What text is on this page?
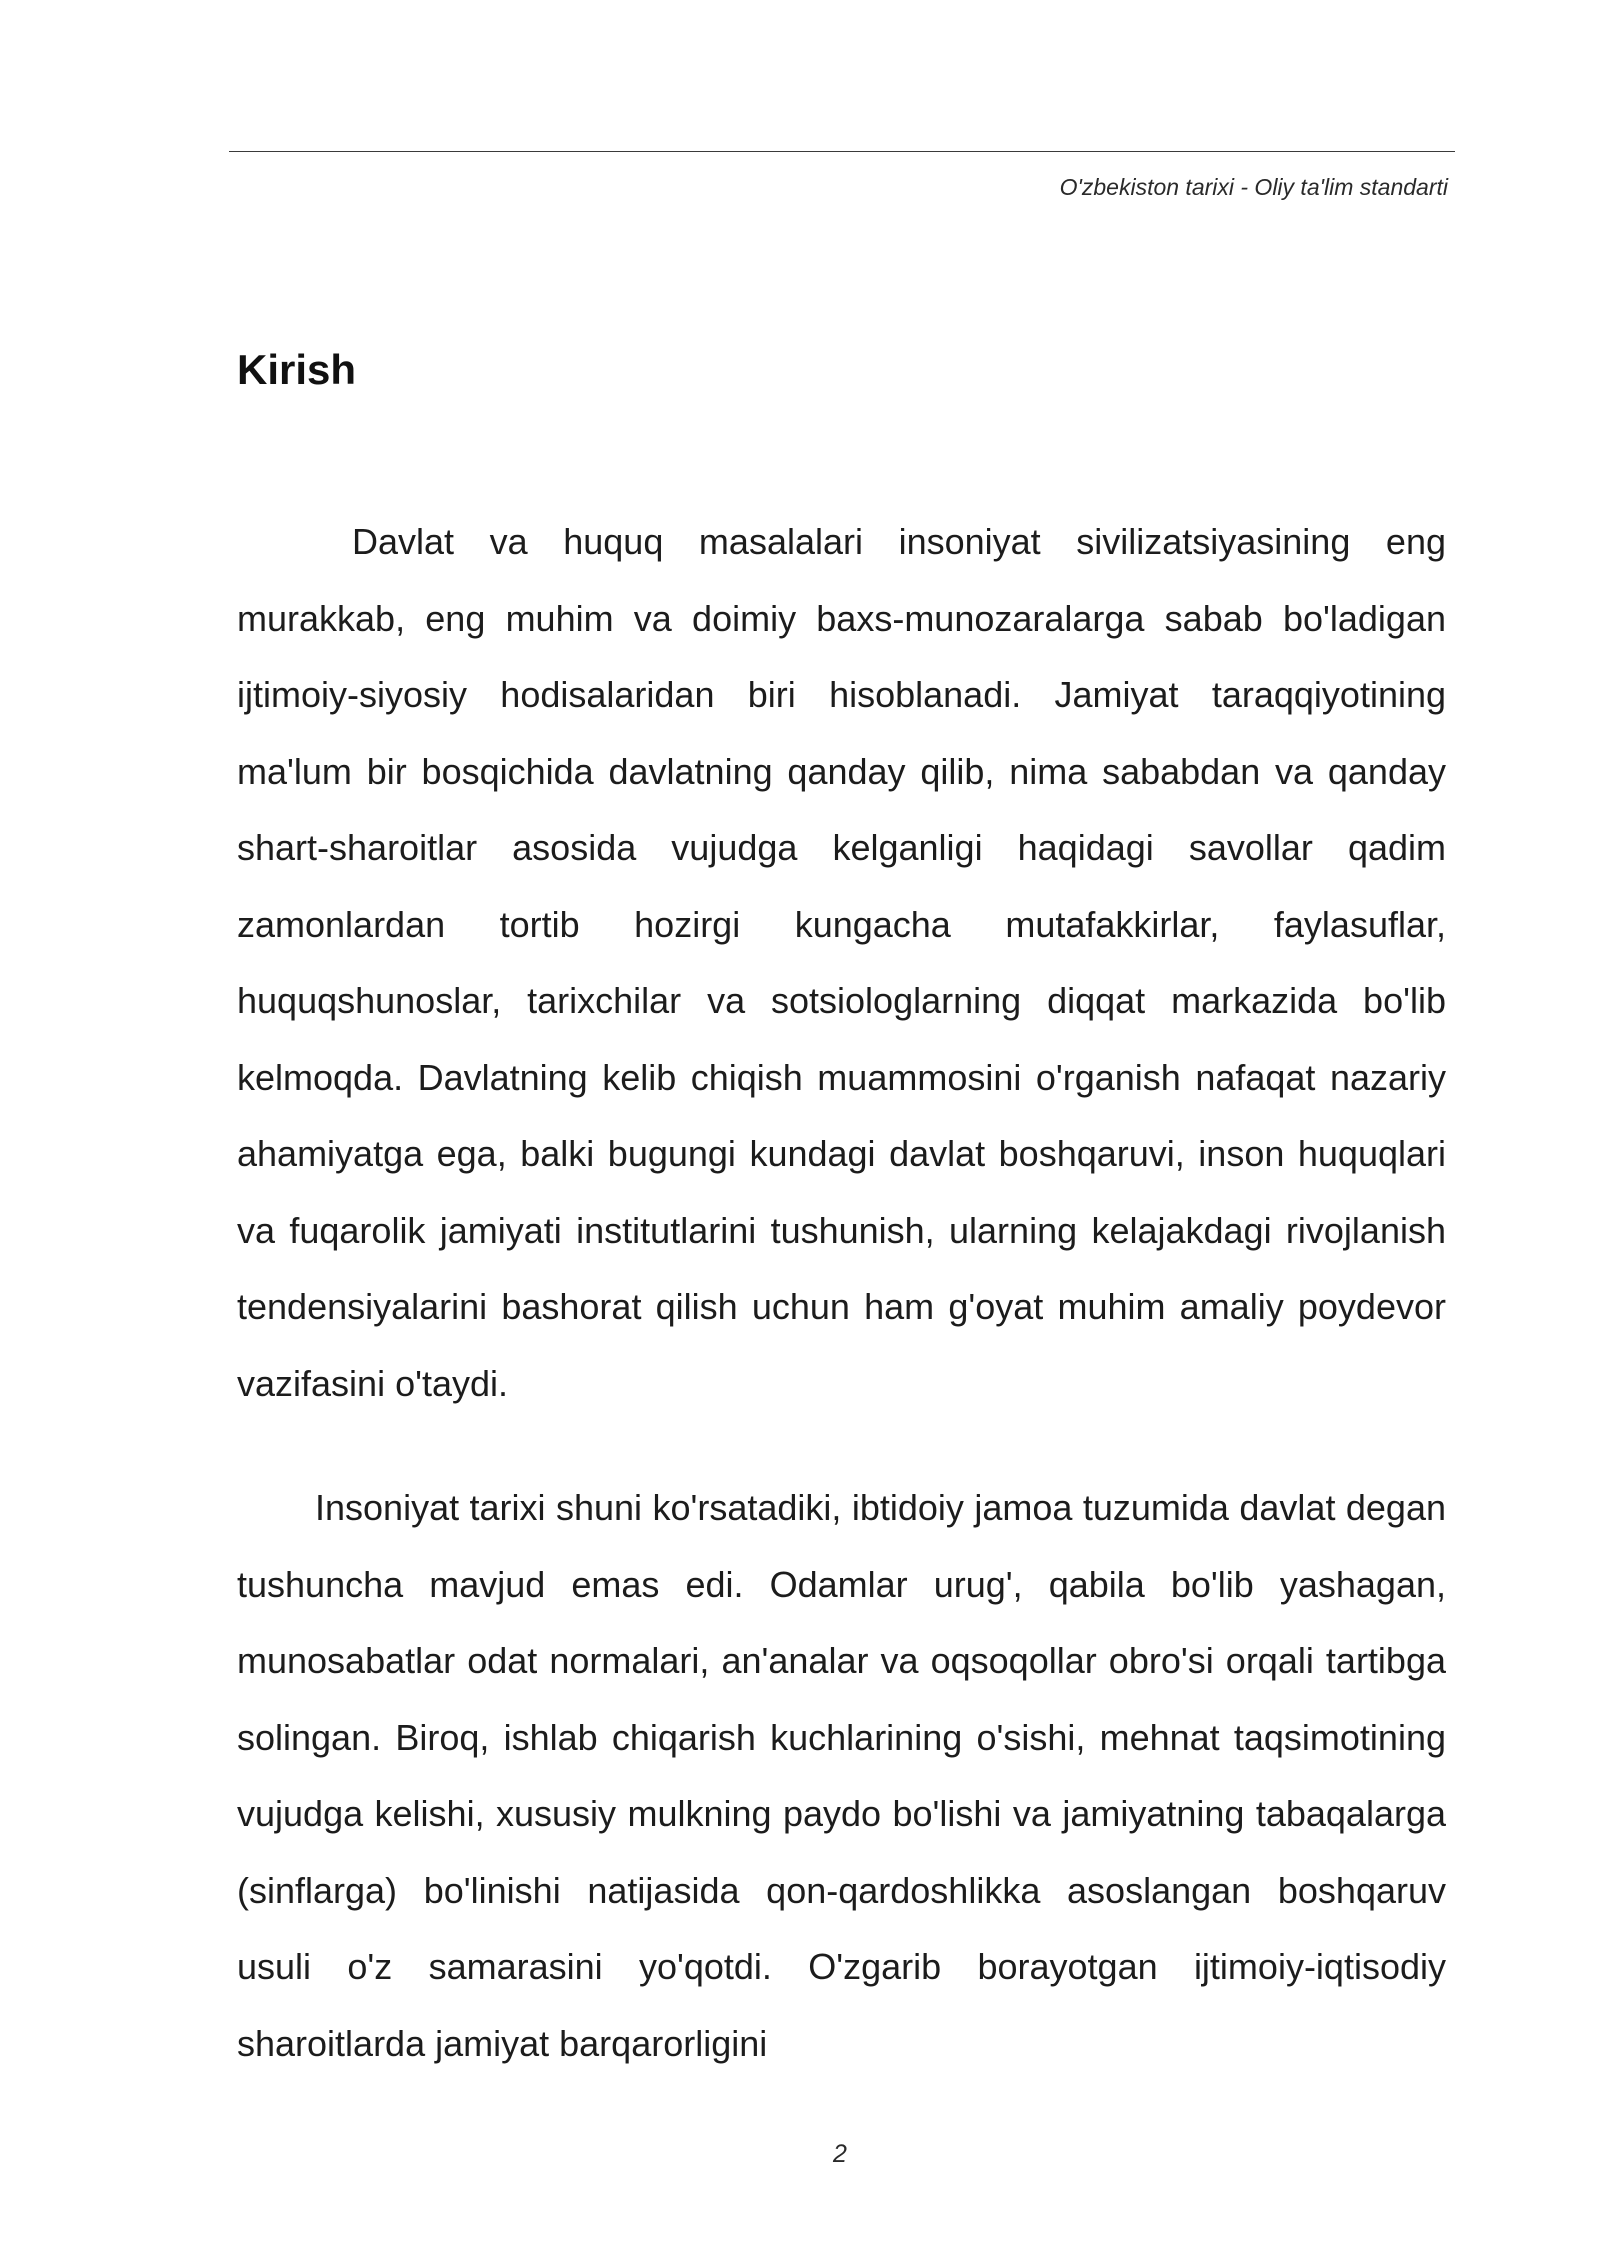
O'zbekiston tarixi - Oliy ta'lim standarti
Kirish

Davlat va huquq masalalari insoniyat sivilizatsiyasining eng murakkab, eng muhim va doimiy baxs-munozaralarga sabab bo'ladigan ijtimoiy-siyosiy hodisalaridan biri hisoblanadi. Jamiyat taraqqiyotining ma'lum bir bosqichida davlatning qanday qilib, nima sababdan va qanday shart-sharoitlar asosida vujudga kelganligi haqidagi savollar qadim zamonlardan tortib hozirgi kungacha mutafakkirlar, faylasuflar, huquqshunoslar, tarixchilar va sotsiologlarning diqqat markazida bo'lib kelmoqda. Davlatning kelib chiqish muammosini o'rganish nafaqat nazariy ahamiyatga ega, balki bugungi kundagi davlat boshqaruvi, inson huquqlari va fuqarolik jamiyati institutlarini tushunish, ularning kelajakdagi rivojlanish tendensiyalarini bashorat qilish uchun ham g'oyat muhim amaliy poydevor vazifasini o'taydi.

Insoniyat tarixi shuni ko'rsatadiki, ibtidoiy jamoa tuzumida davlat degan tushuncha mavjud emas edi. Odamlar urug', qabila bo'lib yashagan, munosabatlar odat normalari, an'analar va oqsoqollar obro'si orqali tartibga solingan. Biroq, ishlab chiqarish kuchlarining o'sishi, mehnat taqsimotining vujudga kelishi, xususiy mulkning paydo bo'lishi va jamiyatning tabaqalarga (sinflarga) bo'linishi natijasida qon-qardoshlikka asoslangan boshqaruv usuli o'z samarasini yo'qotdi. O'zgarib borayotgan ijtimoiy-iqtisodiy sharoitlarda jamiyat barqarorligini

2
